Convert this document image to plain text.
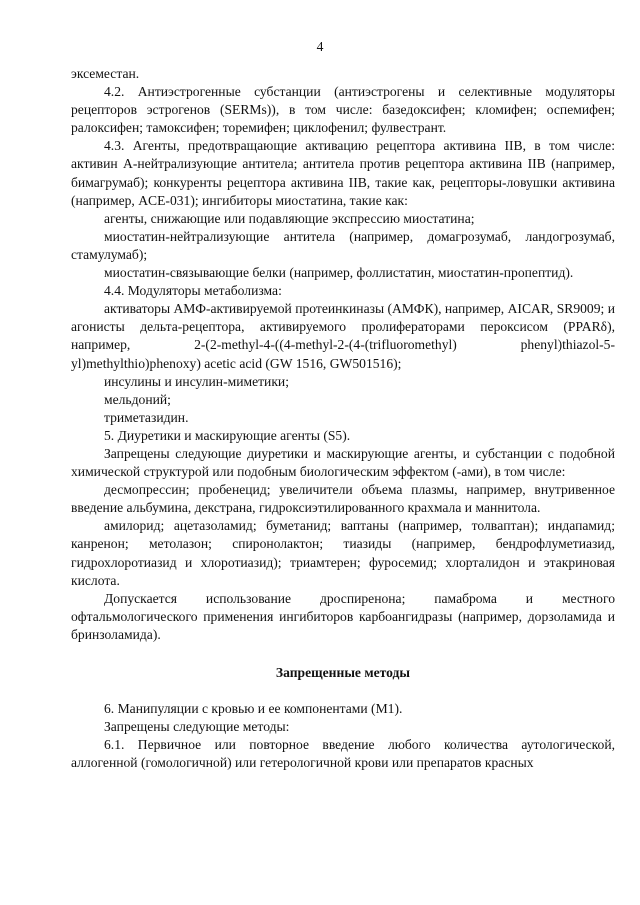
4

эксеместан.

4.2. Антиэстрогенные субстанции (антиэстрогены и селективные модуляторы рецепторов эстрогенов (SERMs)), в том числе: базедоксифен; кломифен; оспемифен; ралоксифен; тамоксифен; торемифен; циклофенил; фулвестрант.

4.3. Агенты, предотвращающие активацию рецептора активина IIB, в том числе: активин А-нейтрализующие антитела; антитела против рецептора активина IIB (например, бимагрумаб); конкуренты рецептора активина IIB, такие как, рецепторы-ловушки активина (например, ACE-031); ингибиторы миостатина, такие как:

агенты, снижающие или подавляющие экспрессию миостатина;

миостатин-нейтрализующие антитела (например, домагрозумаб, ландогрозумаб, стамулумаб);

миостатин-связывающие белки (например, фоллистатин, миостатин-пропептид).

4.4. Модуляторы метаболизма:

активаторы АМФ-активируемой протеинкиназы (АМФК), например, AICAR, SR9009; и агонисты дельта-рецептора, активируемого пролифераторами пероксисом (PPARδ), например, 2-(2-methyl-4-((4-methyl-2-(4-(trifluoromethyl) phenyl)thiazol-5-yl)methylthio)phenoxy) acetic acid (GW 1516, GW501516);

инсулины и инсулин-миметики;

мельдоний;

триметазидин.

5. Диуретики и маскирующие агенты (S5).

Запрещены следующие диуретики и маскирующие агенты, и субстанции с подобной химической структурой или подобным биологическим эффектом (-ами), в том числе:

десмопрессин; пробенецид; увеличители объема плазмы, например, внутривенное введение альбумина, декстрана, гидроксиэтилированного крахмала и маннитола.

амилорид; ацетазоламид; буметанид; ваптаны (например, толвaптан); индапамид; канренон; метолазон; спиронолактон; тиазиды (например, бендрофлуметиазид, гидрохлоротиазид и хлоротиазид); триамтерен; фуросемид; хлорталидон и этакриновая кислота.

Допускается использование дроспиренона; памаброма и местного офтальмологического применения ингибиторов карбоангидразы (например, дорзоламида и бринзоламида).

Запрещенные методы

6. Манипуляции с кровью и ее компонентами (M1).

Запрещены следующие методы:

6.1. Первичное или повторное введение любого количества аутологической, аллогенной (гомологичной) или гетерологичной крови или препаратов красных
